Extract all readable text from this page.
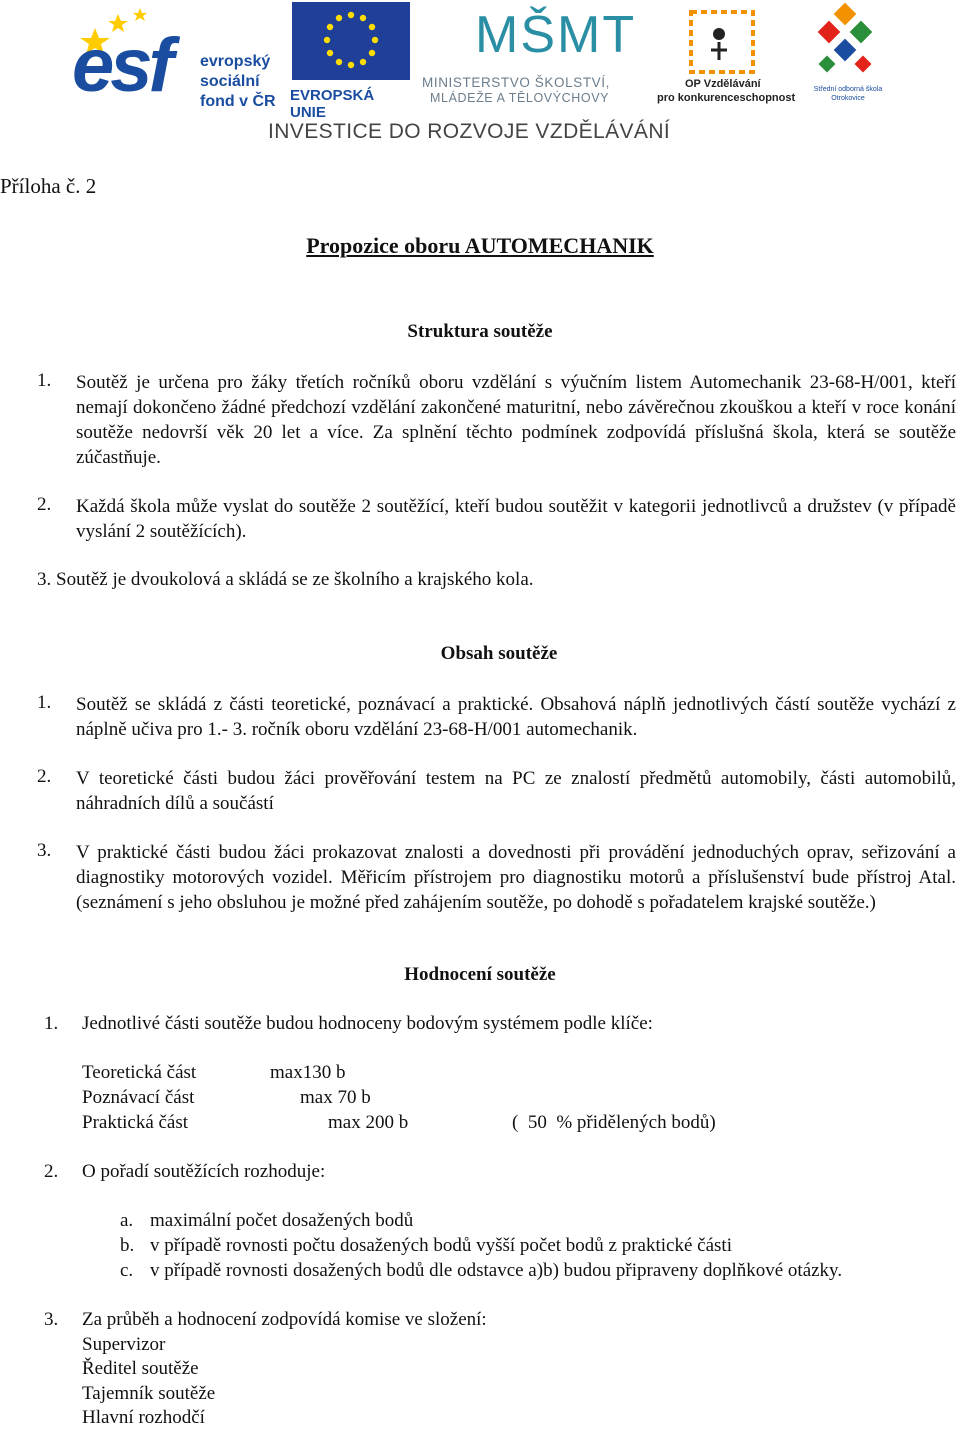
esf evropský
sociální
fond v ČR EVROPSKÁ UNIE
MŠMT
MINISTERSTVO ŠKOLSTVÍ,
MLÁDEŽE A TĚLOVÝCHOVY
OP Vzdělávání
pro konkurenceschopnost
Střední odborná škola
Otrokovice
INVESTICE DO ROZVOJE VZDĚLÁVÁNÍ
Příloha č. 2
Propozice oboru AUTOMECHANIK
Struktura soutěže
1. Soutěž je určena pro žáky třetích ročníků oboru vzdělání s výučním listem Automechanik 23-68-H/001, kteří nemají dokončeno žádné předchozí vzdělání zakončené maturitní, nebo závěrečnou zkouškou a kteří v roce konání soutěže nedovrší věk 20 let a více. Za splnění těchto podmínek zodpovídá příslušná škola, která se soutěže zúčastňuje.
2. Každá škola může vyslat do soutěže 2 soutěžící, kteří budou soutěžit v kategorii jednotlivců a družstev (v případě vyslání 2 soutěžících).
3. Soutěž je dvoukolová a skládá se ze školního a krajského kola.
Obsah soutěže
1. Soutěž se skládá z části teoretické, poznávací a praktické. Obsahová náplň jednotlivých částí soutěže vychází z náplně učiva pro 1.- 3. ročník oboru vzdělání 23-68-H/001 automechanik.
2. V teoretické části budou žáci prověřování testem na PC ze znalostí předmětů automobily, části automobilů, náhradních dílů a součástí
3. V praktické části budou žáci prokazovat znalosti a dovednosti při provádění jednoduchých oprav, seřizování a diagnostiky motorových vozidel. Měřicím přístrojem pro diagnostiku motorů a příslušenství bude přístroj Atal. (seznámení s jeho obsluhou je možné před zahájením soutěže, po dohodě s pořadatelem krajské soutěže.)
Hodnocení soutěže
1. Jednotlivé části soutěže budou hodnoceny bodovým systémem podle klíče:
Teoretická část	max130 b
Poznávací část	max 70 b
Praktická část	max 200 b	(  50  % přidělených bodů)
2. O pořadí soutěžících rozhoduje:
a. maximální počet dosažených bodů
b. v případě rovnosti počtu dosažených bodů vyšší počet bodů z praktické části
c. v případě rovnosti dosažených bodů dle odstavce a)b) budou připraveny doplňkové otázky.
3. Za průběh a hodnocení zodpovídá komise ve složení:
Supervizor
Ředitel soutěže
Tajemník soutěže
Hlavní rozhodčí
